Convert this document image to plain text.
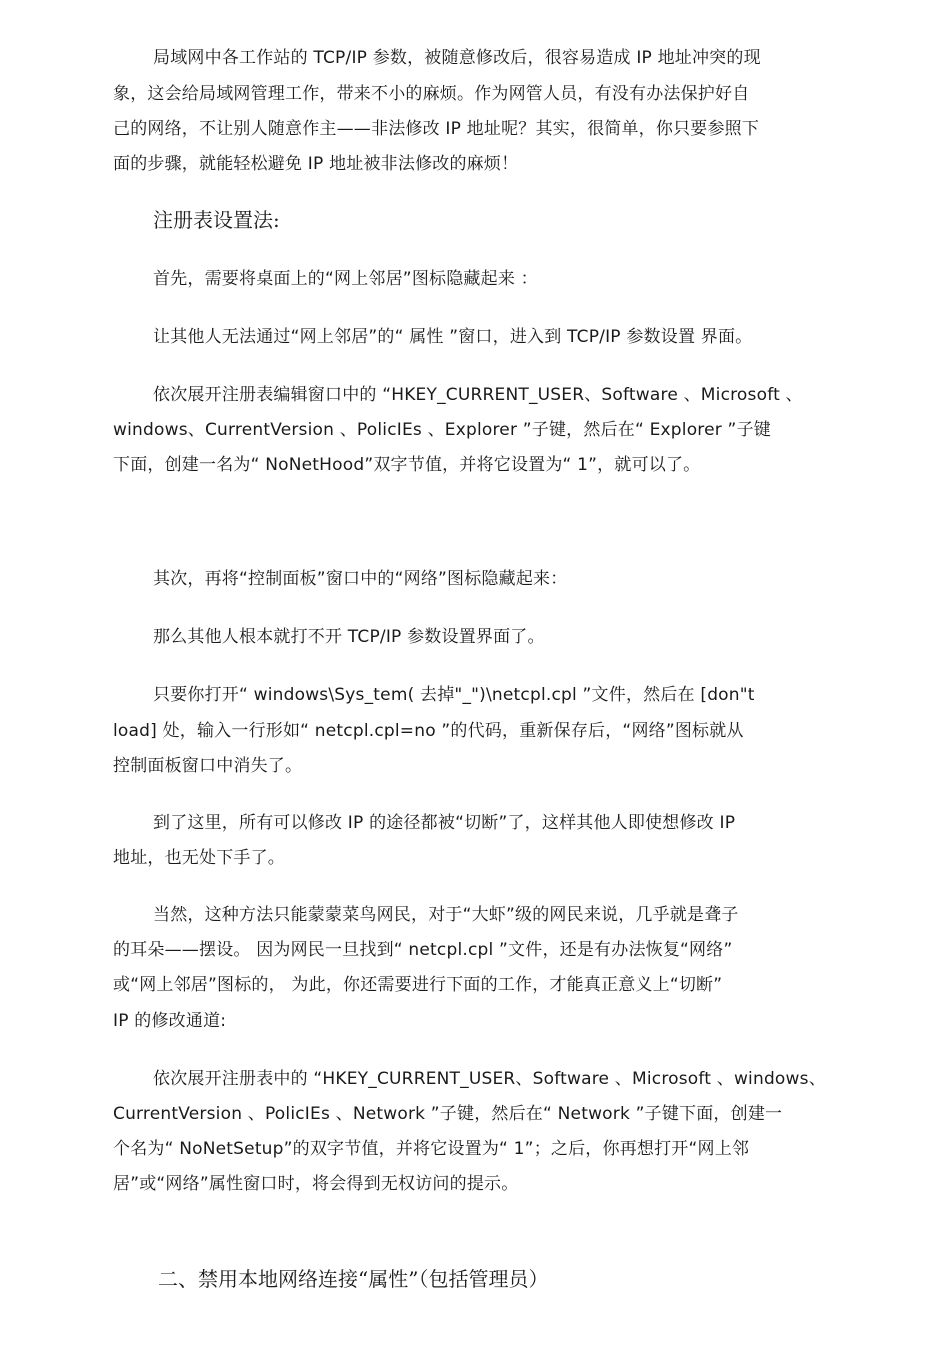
局域网中各工作站的 TCP/IP 参数，被随意修改后，很容易造成 IP 地址冲突的现
象，这会给局域网管理工作，带来不小的麻烦。作为网管人员，有没有办法保护好自
己的网络，不让别人随意作主——非法修改 IP 地址呢？其实，很简单，你只要参照下
面的步骤，就能轻松避免 IP 地址被非法修改的麻烦！
注册表设置法:
首先，需要将桌面上的“网上邻居”图标隐藏起来 ：
让其他人无法通过“网上邻居”的“ 属性 ”窗口，进入到 TCP/IP 参数设置 界面。
依次展开注册表编辑窗口中的 “HKEY_CURRENT_USER、Software 、Microsoft 、
windows、CurrentVersion 、PolicIEs 、Explorer ”子键，然后在“ Explorer ”子键
下面，创建一名为“ NoNetHood”双字节值，并将它设置为“ 1”，就可以了。
其次，再将“控制面板”窗口中的“网络”图标隐藏起来：
那么其他人根本就打不开 TCP/IP 参数设置界面了。
只要你打开“ windows\Sys_tem( 去掉"_")\netcpl.cpl ”文件，然后在 [don"t
load] 处，输入一行形如“ netcpl.cpl=no ”的代码，重新保存后，“网络”图标就从
控制面板窗口中消失了。
到了这里，所有可以修改 IP 的途径都被“切断”了，这样其他人即使想修改 IP
地址，也无处下手了。
当然，这种方法只能蒙蒙菜鸟网民，对于“大虾”级的网民来说，几乎就是聋子
的耳朵——摆设。 因为网民一旦找到“ netcpl.cpl ”文件，还是有办法恢复“网络”
或“网上邻居”图标的， 为此，你还需要进行下面的工作，才能真正意义上“切断”
IP 的修改通道:
依次展开注册表中的 “HKEY_CURRENT_USER、Software 、Microsoft 、windows、
CurrentVersion 、PolicIEs 、Network ”子键，然后在“ Network ”子键下面，创建一
个名为“ NoNetSetup”的双字节值，并将它设置为“ 1”；之后，你再想打开“网上邻
居”或“网络”属性窗口时，将会得到无权访问的提示。
二、禁用本地网络连接“属性”（包括管理员）
